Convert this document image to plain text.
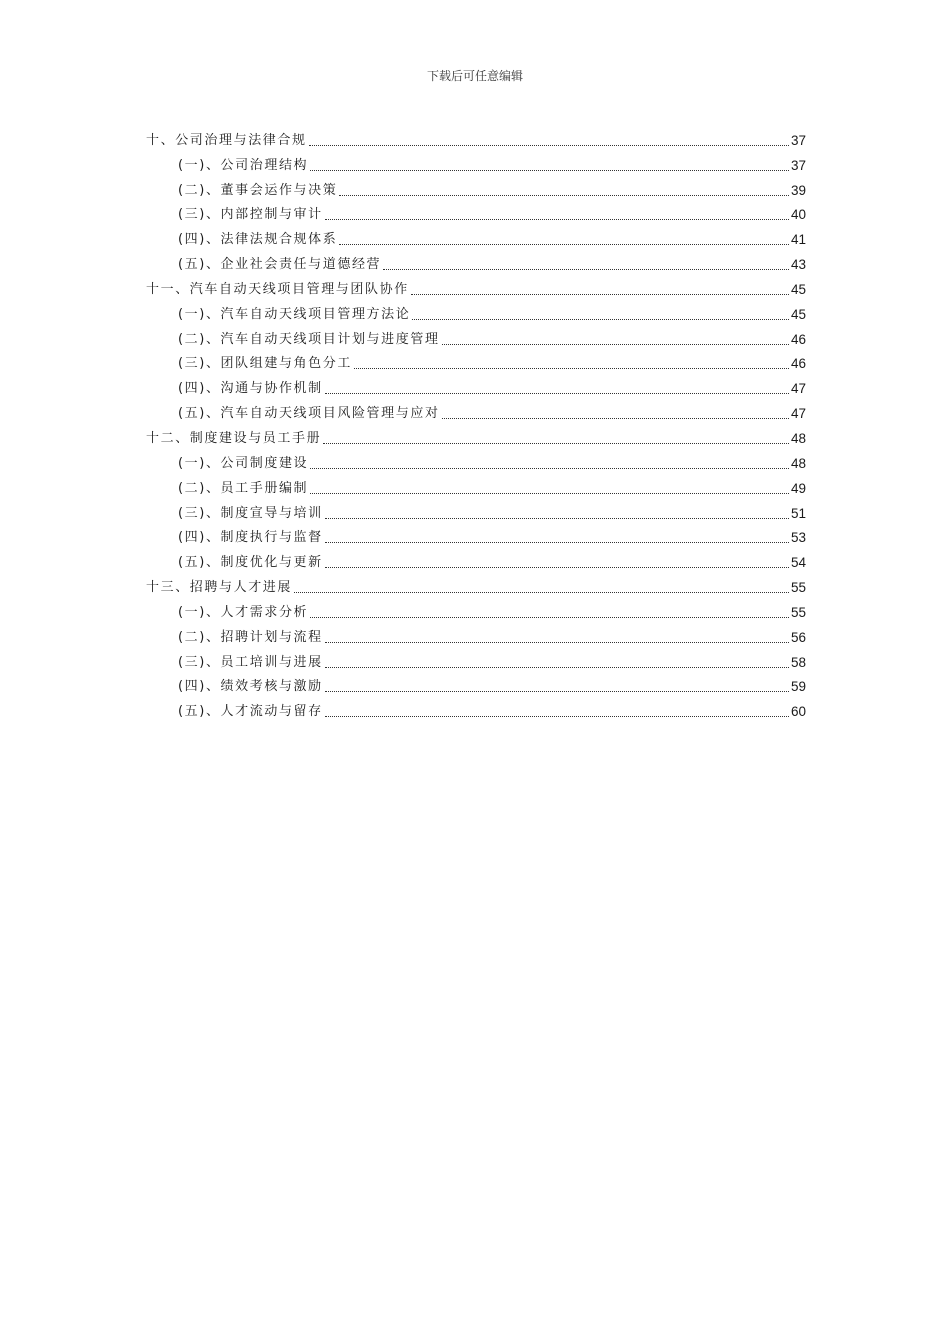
下载后可任意编辑
十、公司治理与法律合规	37
(一)、公司治理结构	37
(二)、董事会运作与决策	39
(三)、内部控制与审计	40
(四)、法律法规合规体系	41
(五)、企业社会责任与道德经营	43
十一、汽车自动天线项目管理与团队协作	45
(一)、汽车自动天线项目管理方法论	45
(二)、汽车自动天线项目计划与进度管理	46
(三)、团队组建与角色分工	46
(四)、沟通与协作机制	47
(五)、汽车自动天线项目风险管理与应对	47
十二、制度建设与员工手册	48
(一)、公司制度建设	48
(二)、员工手册编制	49
(三)、制度宣导与培训	51
(四)、制度执行与监督	53
(五)、制度优化与更新	54
十三、招聘与人才进展	55
(一)、人才需求分析	55
(二)、招聘计划与流程	56
(三)、员工培训与进展	58
(四)、绩效考核与激励	59
(五)、人才流动与留存	60
